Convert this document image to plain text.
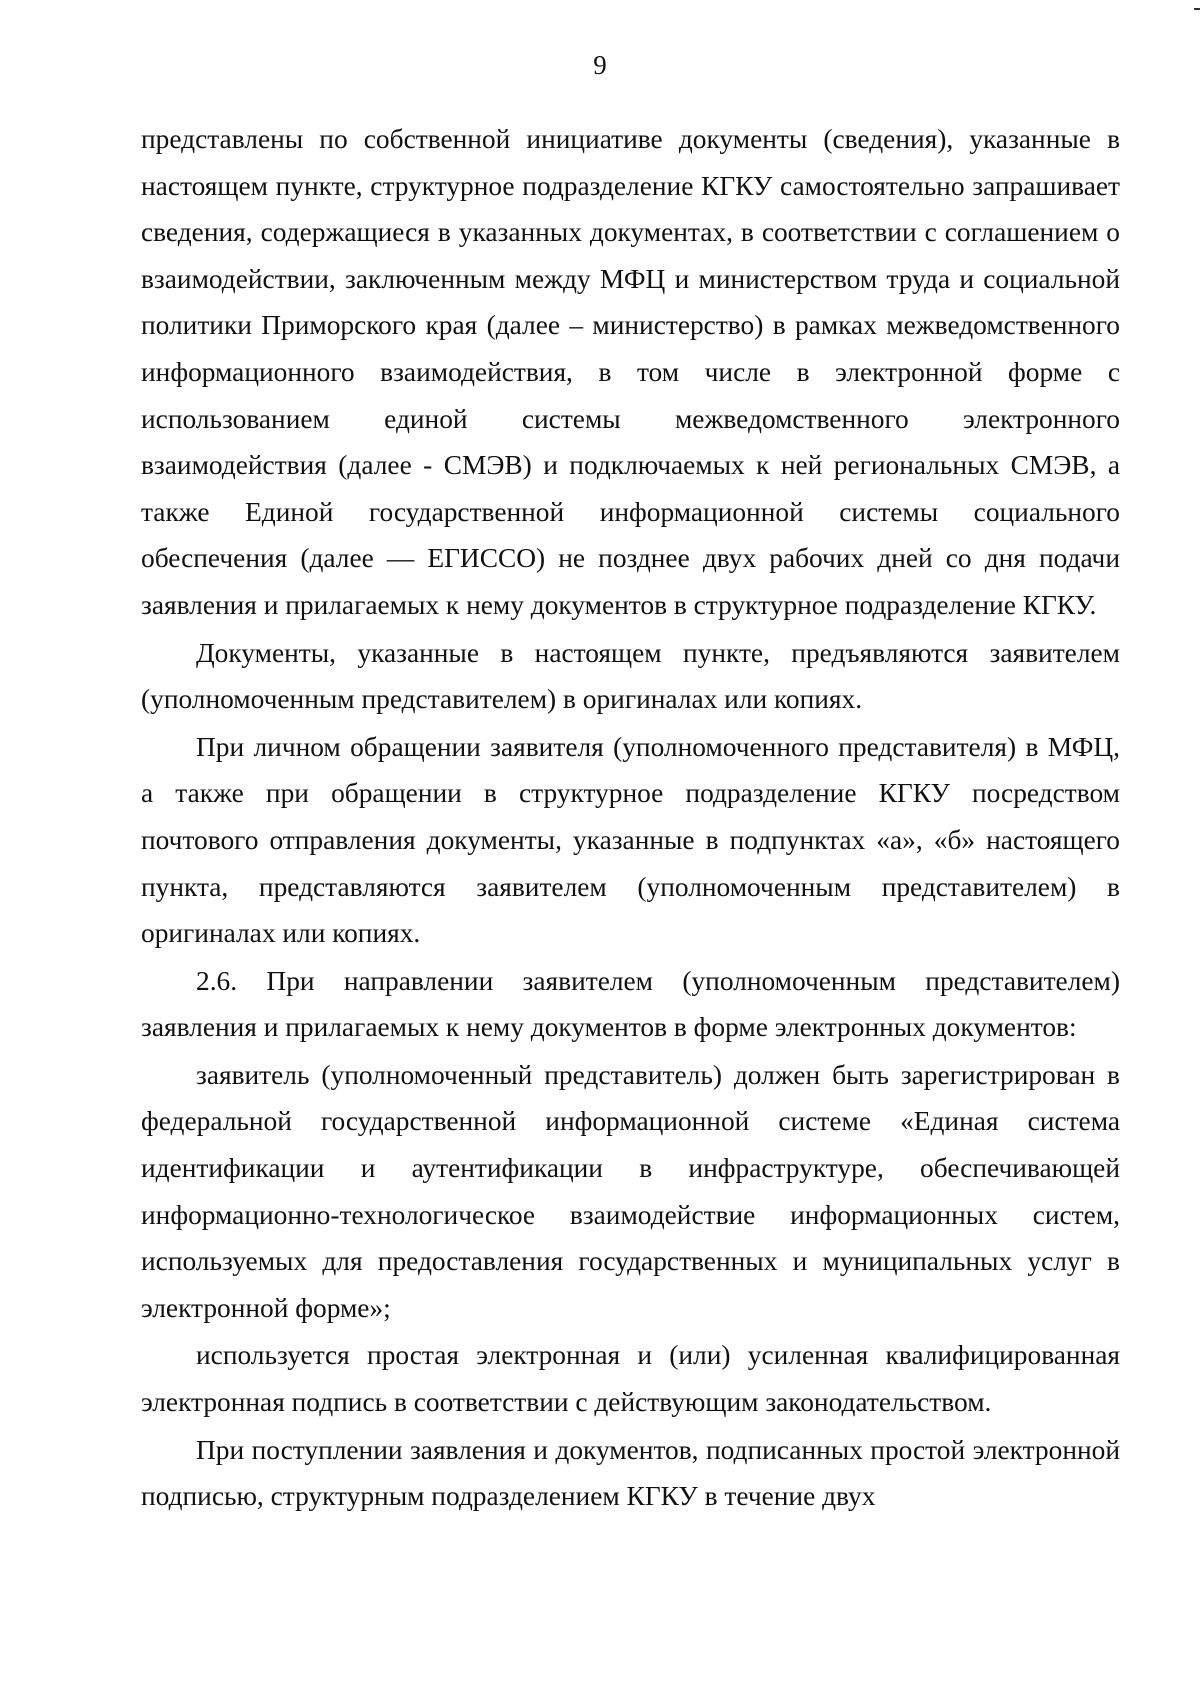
9

представлены по собственной инициативе документы (сведения), указанные в настоящем пункте, структурное подразделение КГКУ самостоятельно запрашивает сведения, содержащиеся в указанных документах, в соответствии с соглашением о взаимодействии, заключенным между МФЦ и министерством труда и социальной политики Приморского края (далее – министерство) в рамках межведомственного информационного взаимодействия, в том числе в электронной форме с использованием единой системы межведомственного электронного взаимодействия (далее - СМЭВ) и подключаемых к ней региональных СМЭВ, а также Единой государственной информационной системы социального обеспечения (далее — ЕГИССО) не позднее двух рабочих дней со дня подачи заявления и прилагаемых к нему документов в структурное подразделение КГКУ.

Документы, указанные в настоящем пункте, предъявляются заявителем (уполномоченным представителем) в оригиналах или копиях.

При личном обращении заявителя (уполномоченного представителя) в МФЦ, а также при обращении в структурное подразделение КГКУ посредством почтового отправления документы, указанные в подпунктах «а», «б» настоящего пункта, представляются заявителем (уполномоченным представителем) в оригиналах или копиях.

2.6. При направлении заявителем (уполномоченным представителем) заявления и прилагаемых к нему документов в форме электронных документов:

заявитель (уполномоченный представитель) должен быть зарегистрирован в федеральной государственной информационной системе «Единая система идентификации и аутентификации в инфраструктуре, обеспечивающей информационно-технологическое взаимодействие информационных систем, используемых для предоставления государственных и муниципальных услуг в электронной форме»;

используется простая электронная и (или) усиленная квалифицированная электронная подпись в соответствии с действующим законодательством.

При поступлении заявления и документов, подписанных простой электронной подписью, структурным подразделением КГКУ в течение двух
